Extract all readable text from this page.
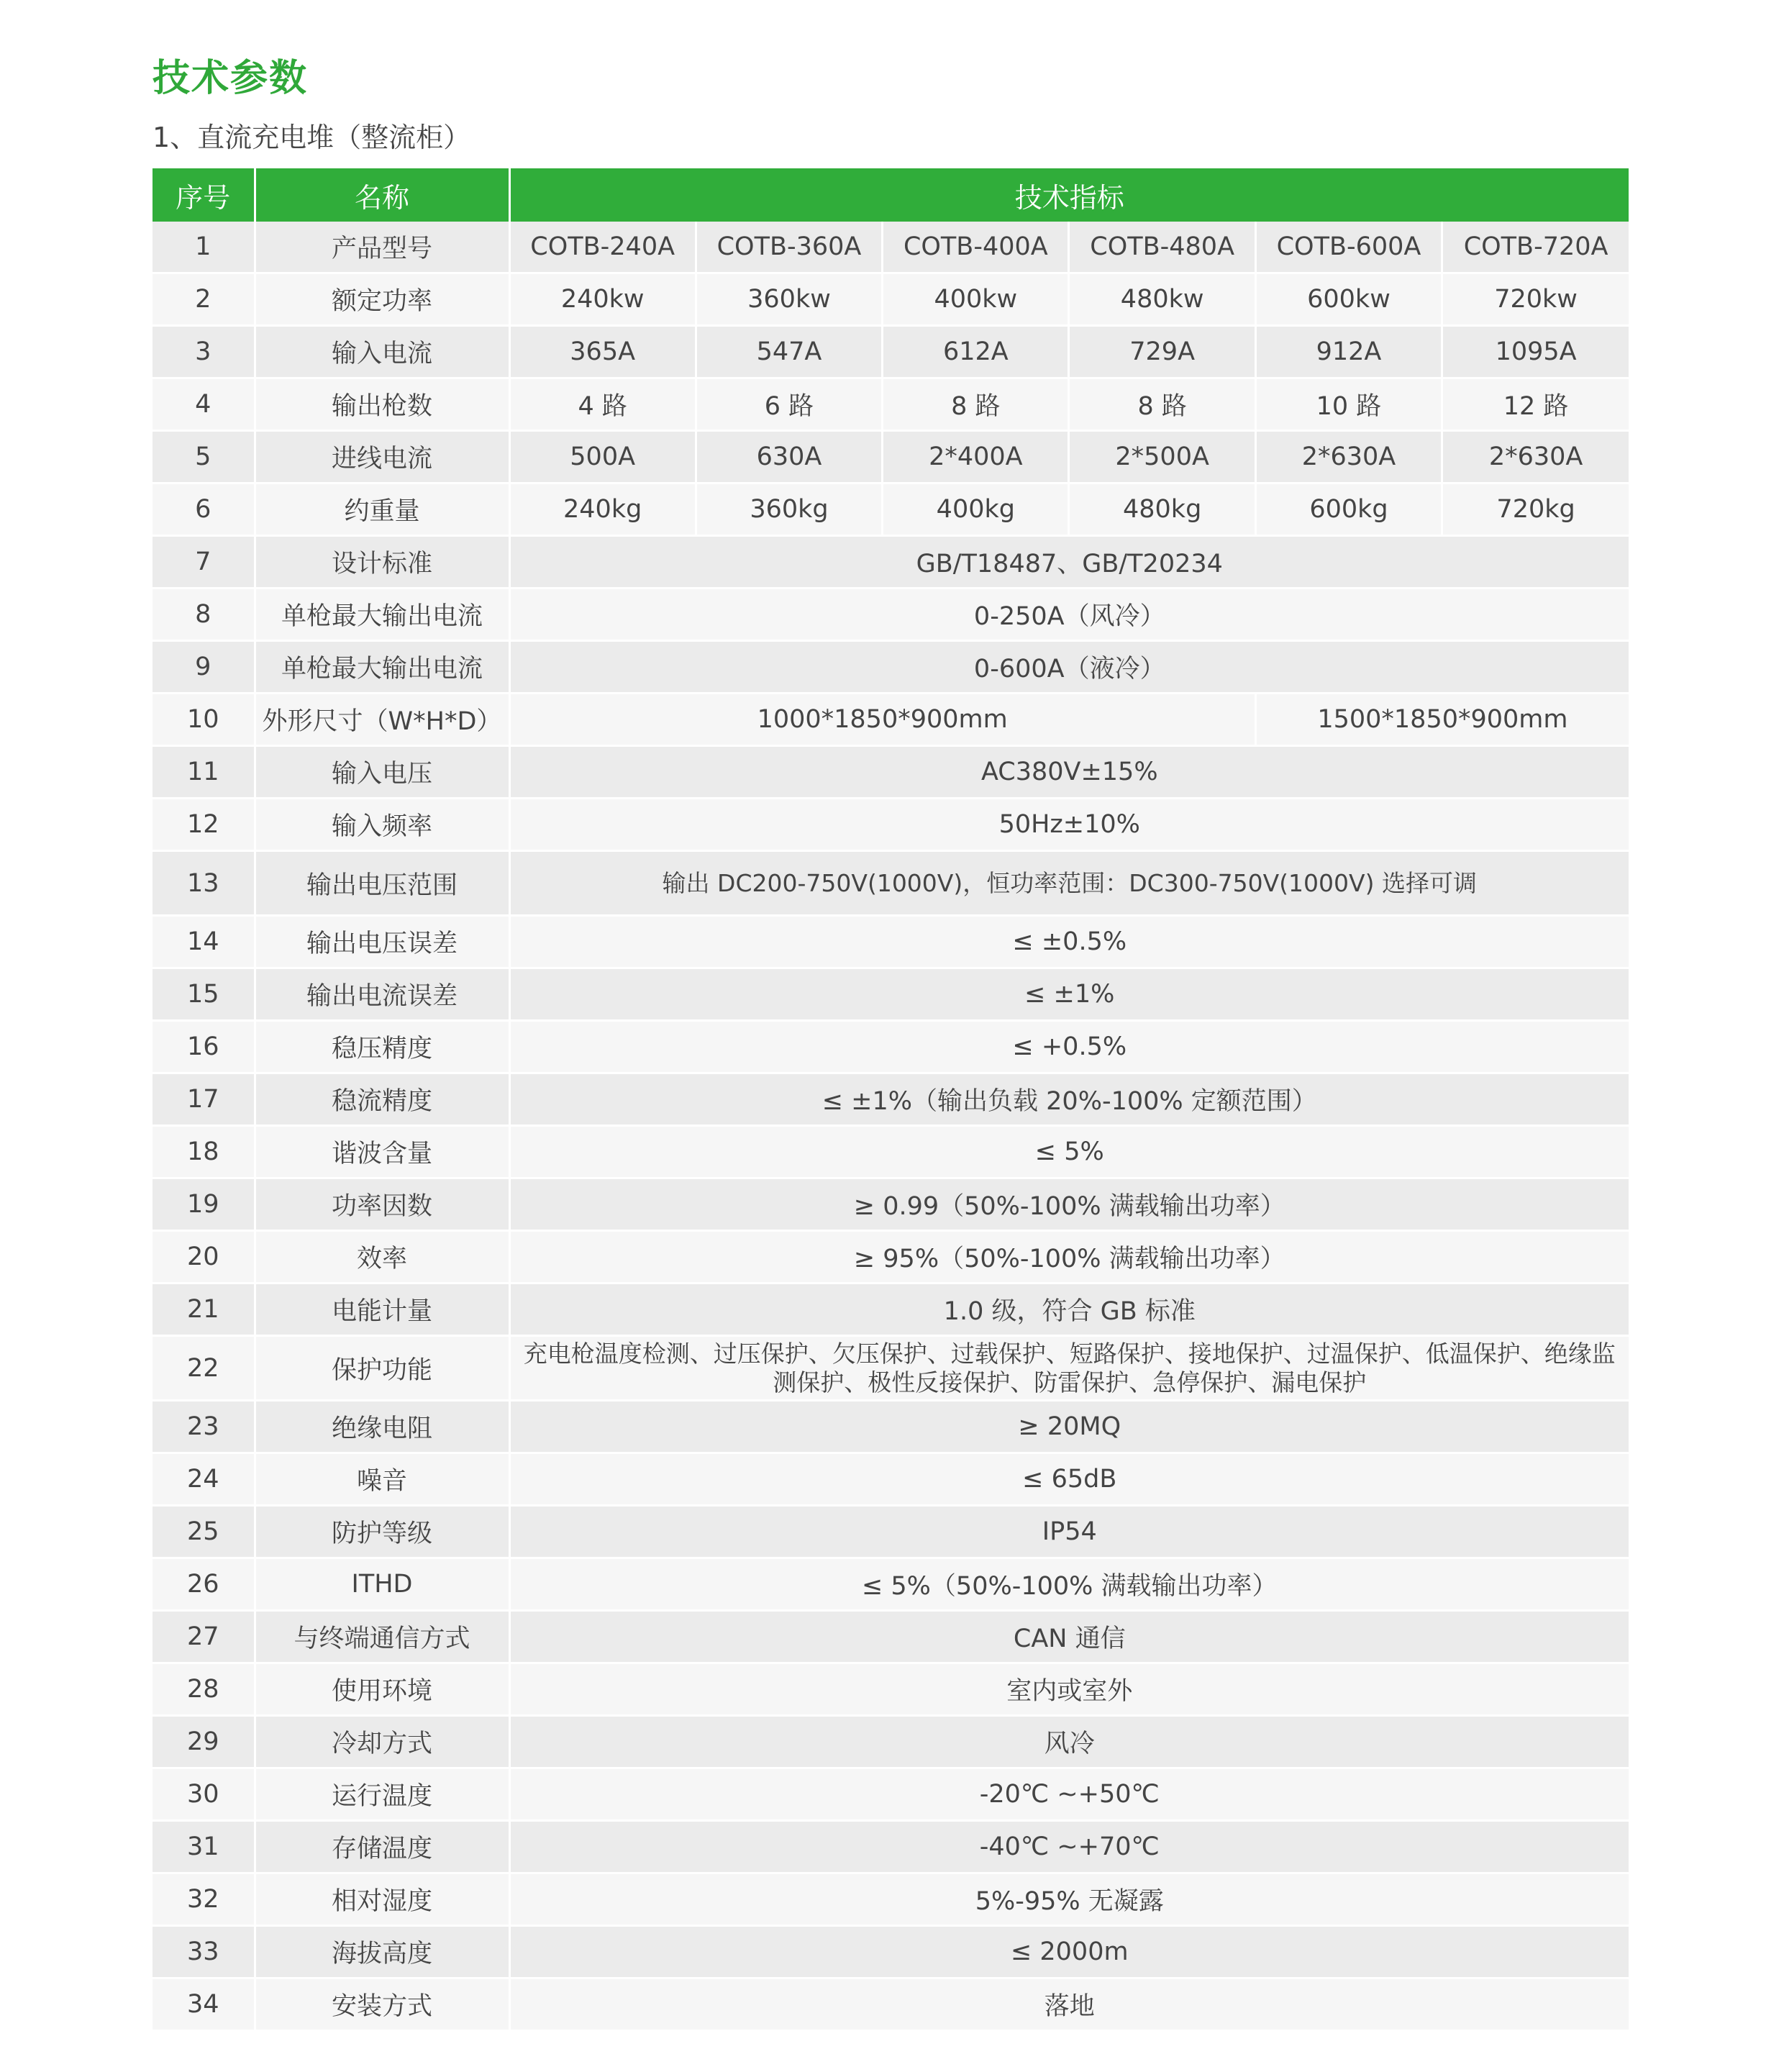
技术参数
1、直流充电堆（整流柜）
序号	名称	技术指标					
1	产品型号	COTB-240A	COTB-360A	COTB-400A	COTB-480A	COTB-600A	COTB-720A
2	额定功率	240kw	360kw	400kw	480kw	600kw	720kw
3	输入电流	365A	547A	612A	729A	912A	1095A
4	输出枪数	4 路	6 路	8 路	8 路	10 路	12 路
5	进线电流	500A	630A	2*400A	2*500A	2*630A	2*630A
6	约重量	240kg	360kg	400kg	480kg	600kg	720kg
7	设计标准	GB/T18487、GB/T20234					
8	单枪最大输出电流	0-250A（风冷）					
9	单枪最大输出电流	0-600A（液冷）					
10	外形尺寸（W*H*D）	1000*1850*900mm				1500*1850*900mm	
11	输入电压	AC380V±15%					
12	输入频率	50Hz±10%					
13	输出电压范围	输出 DC200-750V(1000V)，恒功率范围：DC300-750V(1000V) 选择可调					
14	输出电压误差	≤ ±0.5%					
15	输出电流误差	≤ ±1%					
16	稳压精度	≤ +0.5%					
17	稳流精度	≤ ±1%（输出负载 20%-100% 定额范围）					
18	谐波含量	≤ 5%					
19	功率因数	≥ 0.99（50%-100% 满载输出功率）					
20	效率	≥ 95%（50%-100% 满载输出功率）					
21	电能计量	1.0 级，符合 GB 标准					
22	保护功能	充电枪温度检测、过压保护、欠压保护、过载保护、短路保护、接地保护、过温保护、低温保护、绝缘监测保护、极性反接保护、防雷保护、急停保护、漏电保护					
23	绝缘电阻	≥ 20MQ					
24	噪音	≤ 65dB					
25	防护等级	IP54					
26	ITHD	≤ 5%（50%-100% 满载输出功率）					
27	与终端通信方式	CAN 通信					
28	使用环境	室内或室外					
29	冷却方式	风冷					
30	运行温度	-20℃ ~+50℃					
31	存储温度	-40℃ ~+70℃					
32	相对湿度	5%-95% 无凝露					
33	海拔高度	≤ 2000m					
34	安装方式	落地					
